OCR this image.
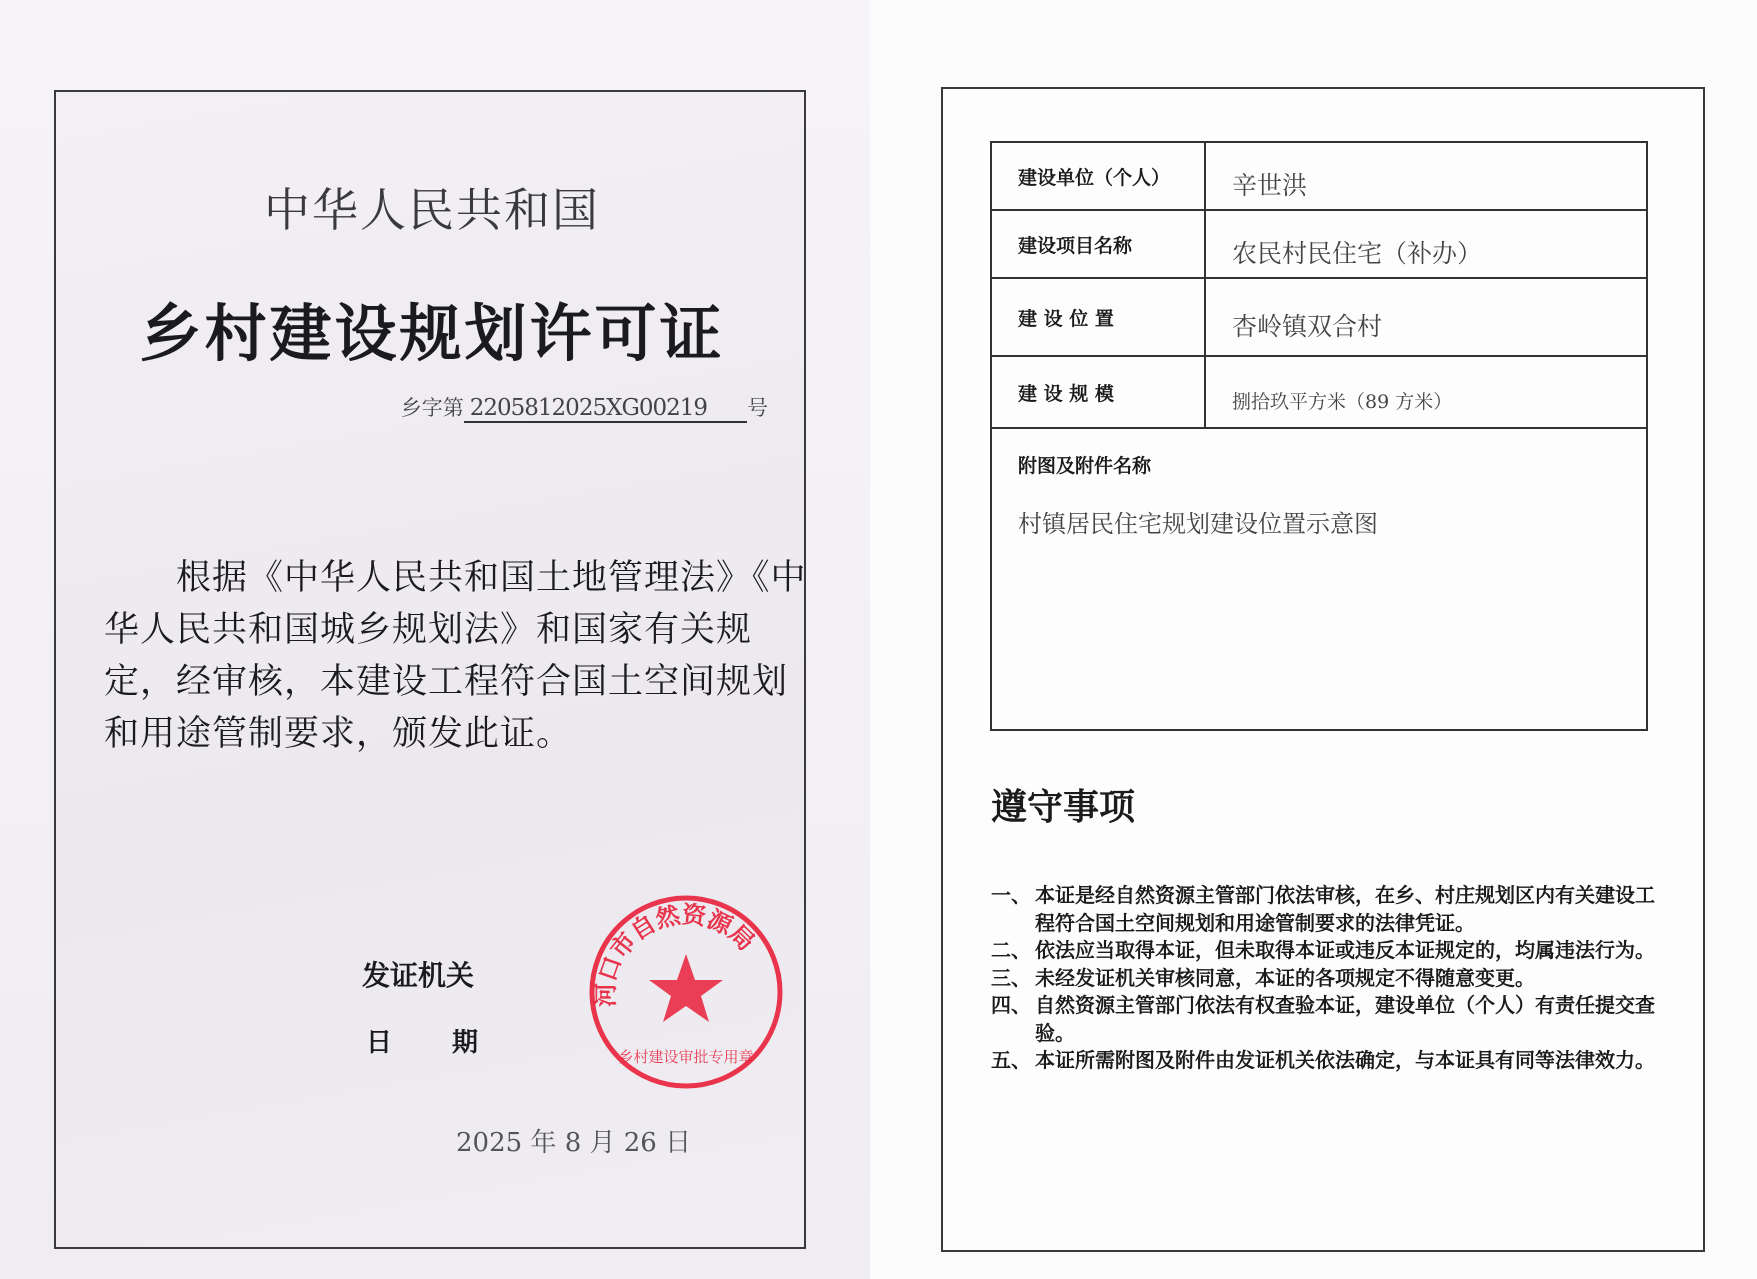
中华人民共和国
乡村建设规划许可证
乡字第 2205812025XG00219 号
根据《中华人民共和国土地管理法》《中华人民共和国城乡规划法》和国家有关规定，经审核，本建设工程符合国土空间规划和用途管制要求，颁发此证。
发证机关
日期
2025 年 8 月 26 日
河口市自然资源局
乡村建设审批专用章
建设单位（个人）	辛世洪
建设项目名称	农民村民住宅（补办）
建 设 位 置	杏岭镇双合村
建 设 规 模	捌拾玖平方米（89 方米）

附图及附件名称
村镇居民住宅规划建设位置示意图	
遵守事项
一、 本证是经自然资源主管部门依法审核，在乡、村庄规划区内有关建设工程符合国土空间规划和用途管制要求的法律凭证。
二、 依法应当取得本证，但未取得本证或违反本证规定的，均属违法行为。
三、 未经发证机关审核同意，本证的各项规定不得随意变更。
四、 自然资源主管部门依法有权查验本证，建设单位（个人）有责任提交查验。
五、 本证所需附图及附件由发证机关依法确定，与本证具有同等法律效力。
